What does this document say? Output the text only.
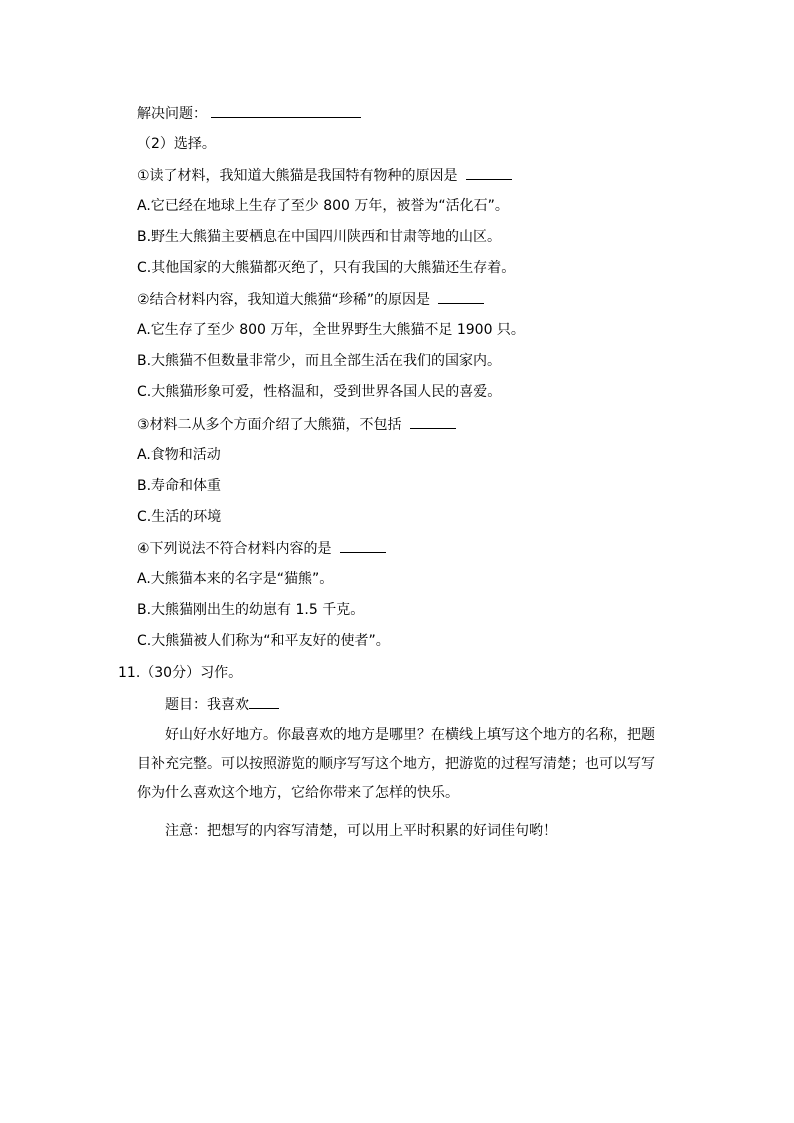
解决问题：
（2）选择。
①读了材料，我知道大熊猫是我国特有物种的原因是
A.它已经在地球上生存了至少 800 万年，被誉为“活化石”。
B.野生大熊猫主要栖息在中国四川陕西和甘肃等地的山区。
C.其他国家的大熊猫都灭绝了，只有我国的大熊猫还生存着。
②结合材料内容，我知道大熊猫“珍稀”的原因是
A.它生存了至少 800 万年，全世界野生大熊猫不足 1900 只。
B.大熊猫不但数量非常少，而且全部生活在我们的国家内。
C.大熊猫形象可爱，性格温和，受到世界各国人民的喜爱。
③材料二从多个方面介绍了大熊猫，不包括
A.食物和活动
B.寿命和体重
C.生活的环境
④下列说法不符合材料内容的是
A.大熊猫本来的名字是“猫熊”。
B.大熊猫刚出生的幼崽有 1.5 千克。
C.大熊猫被人们称为“和平友好的使者”。
11.（30分）习作。
题目：我喜欢
好山好水好地方。你最喜欢的地方是哪里？在横线上填写这个地方的名称，把题目补充完整。可以按照游览的顺序写写这个地方，把游览的过程写清楚；也可以写写你为什么喜欢这个地方，它给你带来了怎样的快乐。
注意：把想写的内容写清楚，可以用上平时积累的好词佳句哟！
